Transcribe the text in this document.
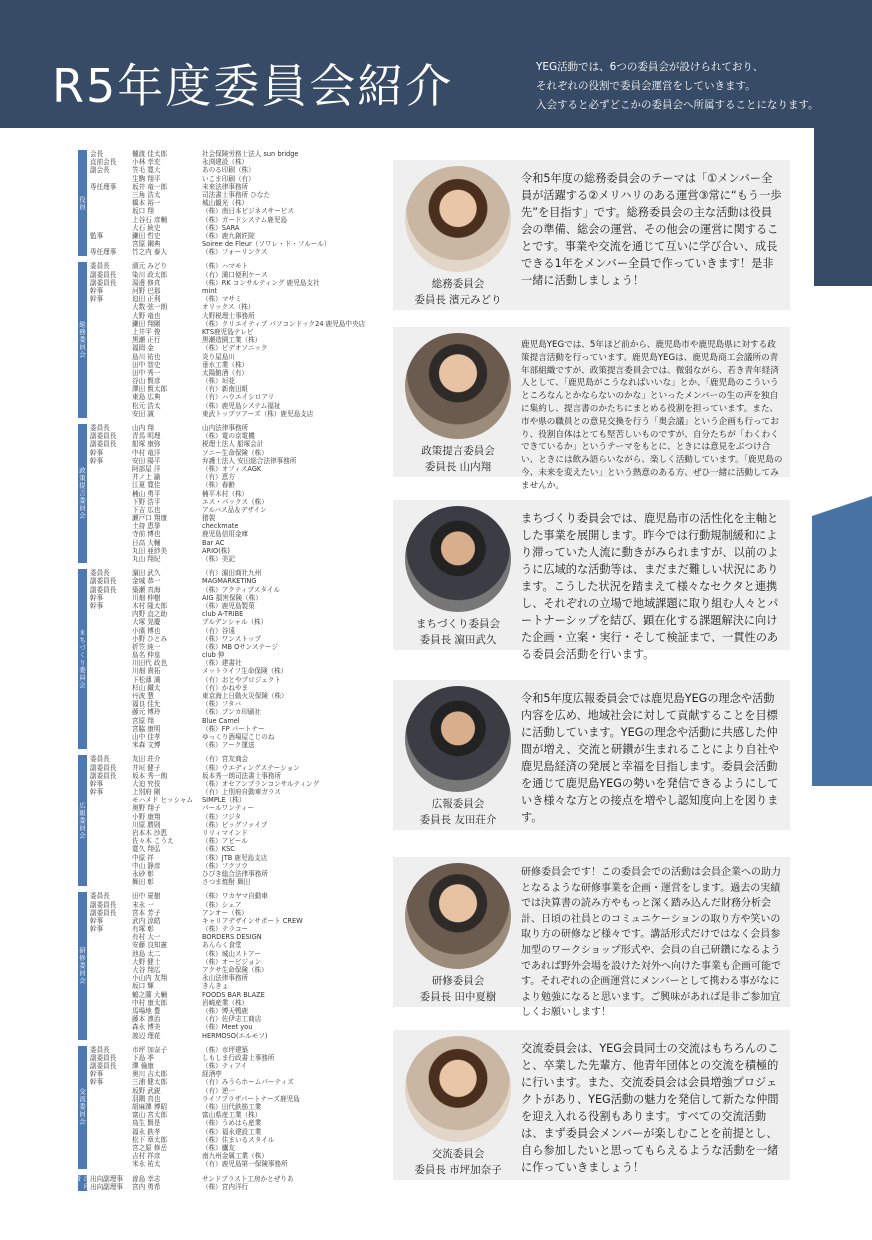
R5年度委員会紹介	YEG活動では、6つの委員会が設けられており、
それぞれの役割で委員会運営をしていきます。
入会すると必ずどこかの委員会へ所属することになります。
役員
会長	樋渡 佳太郎	社会保険労務士法人 sun bridge
直前会長	小林 幸充	永渕建設（株）
副会長	笠毛 寛大	あのる印刷（株）
生駒 翔平	いこま印刷（有）
専任理事	坂井 竜一郎	未来法律事務所
三角 浩太	司法書士事務所 ひなた
橋本 裕一	城山観光（株）
坂口 翔	（株）南日本ビジネスサービス
上谷石 彦輔	（株）ガードシステム鹿児島
大石 統史	（株）SARA
監事	鎌田 哲史	（株）鹿九創匠院
宮原 鋼典	Soiree de Fleur（ソワレ・ド・フルール）
専任理事	竹之内 泰人	（株）フォーリンクス
総務委員会
委員長	濱元 みどり	（株）ハマモト
副委員長	染川 政太郎	（有）満口便利ケース
副委員長	湯邊 修真	（株）RK コンサルティング 鹿児島支社
幹事	河野 巴那	mint
幹事	迫田 正利	（株）マサミ
大数 弦一朗	オリックス（株）
大野 竜也	大野税理士事務所
鎌田 翔剛	（株）クリエイティブ パソコンドック24 鹿児島中央店
上井平 俊	KTS鹿児島テレビ
黒瀬 正行	黒瀬造園工業（株）
福岡 金	（株）ビデオソニック
島川 祐也	炎り屋島川
田中 智史	垂水工業（株）
田中 秀一	太陽館酒（有）
谷山 賢彦	（株）垣花
澤田 賢太郎	（有）新南田組
東島 広典	（有）ハウエイシロアリ
松元 浩太	（株）鹿児島システム福祉
安田 誠	東武トップツアーズ（株）鹿児島支店
政策提言委員会
委員長	山内 翔	山内法律事務所
副委員長	青馬 明理	（株）電の京電機
副委員長	船塚 康弥	税理士法人 船塚会計
幹事	中村 竜洋	ソニー生命保険（株）
幹事	安田 陽平	弁護士法人 安田総合法律事務所
阿部屋 洋	（株）オフィスAGK
井ノ上 諭	（有）恵方
江夏 寛佳	（株）春齢
楠山 勇平	楠平木村（株）
下野 浩平	エス・パックス（株）
下吉 広也	アルバス品＆デザイン
瀬戸口 翔康	猪袈
土持 恵挙	checkmate
寺前 博也	鹿児島信用金庫
日高 大輔	Bar AC
丸田 亜紗美	ARIO(株)
丸山 翔紀	（株）美記
まちづくり委員会
委員長	濵田 武久	（有）濵田商社九州
副委員長	金城 恭一	MAGMARKETING
副委員長	築瀬 真海	（株）アクティブスタイル
幹事	川畑 伸樹	AIG 損害保険（株）
幹事	木村 隆太郎	（株）鹿児島製菓
内野 直之助	club A-TRIBE
大塚 晃慶	プルデンシャル（株）
小濱 博也	（有）谷遠
小野 ひとみ	（株）ワンストップ
折笠 純一	（株）MB Oサンステージ
島名 伸皇	club 伸
川田代 政也	（株）建書社
川畑 貴拓	メットライフ生命保険（株）
下松薄 満	（有）おとやプロジェクト
杉山 鐵太	（有）かねやま
丹波 慧	東京海上日動火災保険（株）
福良 佳允	（株）フタバ
藤元 博玲	（株）ブンカ印刷社
宮原 翔	Blue Camel
宮脇 康明	（株）FP パートナー
山中 佳孝	ゆっくり酒場屋こじのね
米森 文博	（株）アーク運送
広報委員会
委員長	友田 荘介	（有）宮友商会
副委員長	井垣 健子	（株）ウエディングステーション
副委員長	坂本 秀一朗	坂本秀一朗司法書士事務所
幹事	大迫 究伎	（株）オセアンプランコンサルティング
幹事	上別府 剛	（有）上別府自動車ガラス
モハメド ヒッシャム	SIMPLE（株）
奥野 翔子	パールワンティー
小野 康翔	（株）フジタ
川原 勝則	（株）ビッグファイブ
岩本木 沙恵	リリィマインド
佐々木 こうえ	（株）アビール
寛久 翔弘	（株）KSC
中原 祥	（株）JTB 鹿児島支店
中山 静彦	（株）フクソウ
永砂 彰	ひびき総合法律事務所
舞田 彰	さつま焼酎 舞田
研修委員会
委員長	田中 夏樹	（株）ワカヤマ自動車
副委員長	末永 一	（株）シェア
副委員長	宮本 芳子	アンオー（株）
幹事	武内 涼皓	キャリアデザインサポート CREW
幹事	有塚 彰	（株）テラコー
有村 大一	BORDERS DESIGN
安藤 良知憲	あんらく食堂
池島 太二	（株）城山ストアー
大野 健士	（株）オービジョン
大谷 翔広	アクサ生命保険（株）
小山内 友翔	永山法律事務所
坂口 輝	きんきょ
鶴之薗 大輔	FOODS BAR BLAZE
中村 康太郎	岩崎産業（株）
馬場地 豊	（株）博天鴨鹿
藤本 凛治	（有）佐伊志工商店
森永 博美	（株）Meet you
渡辺 理花	HERMOSO(エルモソ)
交流委員会
委員長	市坪 加奈子	（株）市坪建築
副委員長	下島 季	しもしま行政書士事務所
副委員長	澤 倫康	（株）ティアイ
幹事	奥川 吉太郎	経酒亭
幹事	三浦 健太郎	（有）みうらホームパーティズ
坂野 武鋭	（有）逆一
羽隅 真也	ライフプラザパートナーズ鹿児島
胡麻澤 博昭	（株）田代鉄筋工業
富山 宮太郎	富山県産工業（株）
鳥生 賢是	（株）うめはら産業
福永 鉄孝	（株）福永建設工業
松下 章太郎	（株）住まいるスタイル
宮之原 修岳	（株）鷹友
吉村 祥彦	南九州金属工業（株）
米永 祐太	（有）鹿児島第一保険事務所
出向者	出向副理事	曽島 幸志	サンドブラスト工房かとぜりあ
出向副理事	宮内 勇希	（株）宮内洋行
総務委員会
委員長 濱元みどり
令和5年度の総務委員会のテーマは「①メンバー全員が活躍する②メリハリのある運営③常に“もう一歩先”を目指す」です。総務委員会の主な活動は役員会の準備、総会の運営、その他会の運営に関することです。事業や交流を通じて互いに学び合い、成長できる1年をメンバー全員で作っていきます！是非一緒に活動しましょう！
政策提言委員会
委員長 山内翔
鹿児島YEGでは、5年ほど前から、鹿児島市や鹿児島県に対する政策提言活動を行っています。鹿児島YEGは、鹿児島商工会議所の青年部組織ですが、政策提言委員会では、微弱ながら、若き青年経済人として、「鹿児島がこうなればいいな」とか、「鹿児島のこういうところなんとかならないのかな」といったメンバーの生の声を独自に集約し、提言書のかたちにまとめる役割を担っています。また、市や県の職員との意見交換を行う「奥会議」という企画も行っており、役割自体はとても堅苦しいものですが、自分たちが「わくわくできているか」というテーマをもとに、ときには意見をぶつけ合い、ときには飲み語らいながら、楽しく活動しています。「鹿児島の今、未来を変えたい」という熱意のある方、ぜひ一緒に活動してみませんか。
まちづくり委員会
委員長 濵田武久
まちづくり委員会では、鹿児島市の活性化を主軸とした事業を展開します。昨今では行動規制緩和により滞っていた人流に動きがみられますが、以前のように広域的な活動等は、まだまだ難しい状況にあります。こうした状況を踏まえて様々なセクタと連携し、それぞれの立場で地域課題に取り組む人々とパートナーシップを結び、顕在化する課題解決に向けた企画・立案・実行・そして検証まで、一貫性のある委員会活動を行います。
広報委員会
委員長 友田荘介
令和5年度広報委員会では鹿児島YEGの理念や活動内容を広め、地域社会に対して貢献することを目標に活動しています。YEGの理念や活動に共感した仲間が増え、交流と研鑽が生まれることにより自社や鹿児島経済の発展と幸福を目指します。委員会活動を通じて鹿児島YEGの勢いを発信できるようにしていき様々な方との接点を増やし認知度向上を図ります。
研修委員会
委員長 田中夏樹
研修委員会です！この委員会での活動は会員企業への助力となるような研修事業を企画・運営をします。過去の実績では決算書の読み方やもっと深く踏み込んだ財務分析会計、日頃の社員とのコミュニケーションの取り方や笑いの取り方の研修など様々です。講話形式だけではなく会員参加型のワークショップ形式や、会員の自己研鑽になるようであれば野外会場を設けた対外へ向けた事業も企画可能です。それぞれの企画運営にメンバーとして携わる事がなにより勉強になると思います。ご興味があれば是非ご参加宜しくお願いします！
交流委員会
委員長 市坪加奈子
交流委員会は、YEG会員同士の交流はもちろんのこと、卒業した先輩方、他青年団体との交流を積極的に行います。また、交流委員会は会員増強プロジェクトがあり、YEG活動の魅力を発信して新たな仲間を迎え入れる役割もあります。すべての交流活動は、まず委員会メンバーが楽しむことを前提とし、自ら参加したいと思ってもらえるような活動を一緒に作っていきましょう！
